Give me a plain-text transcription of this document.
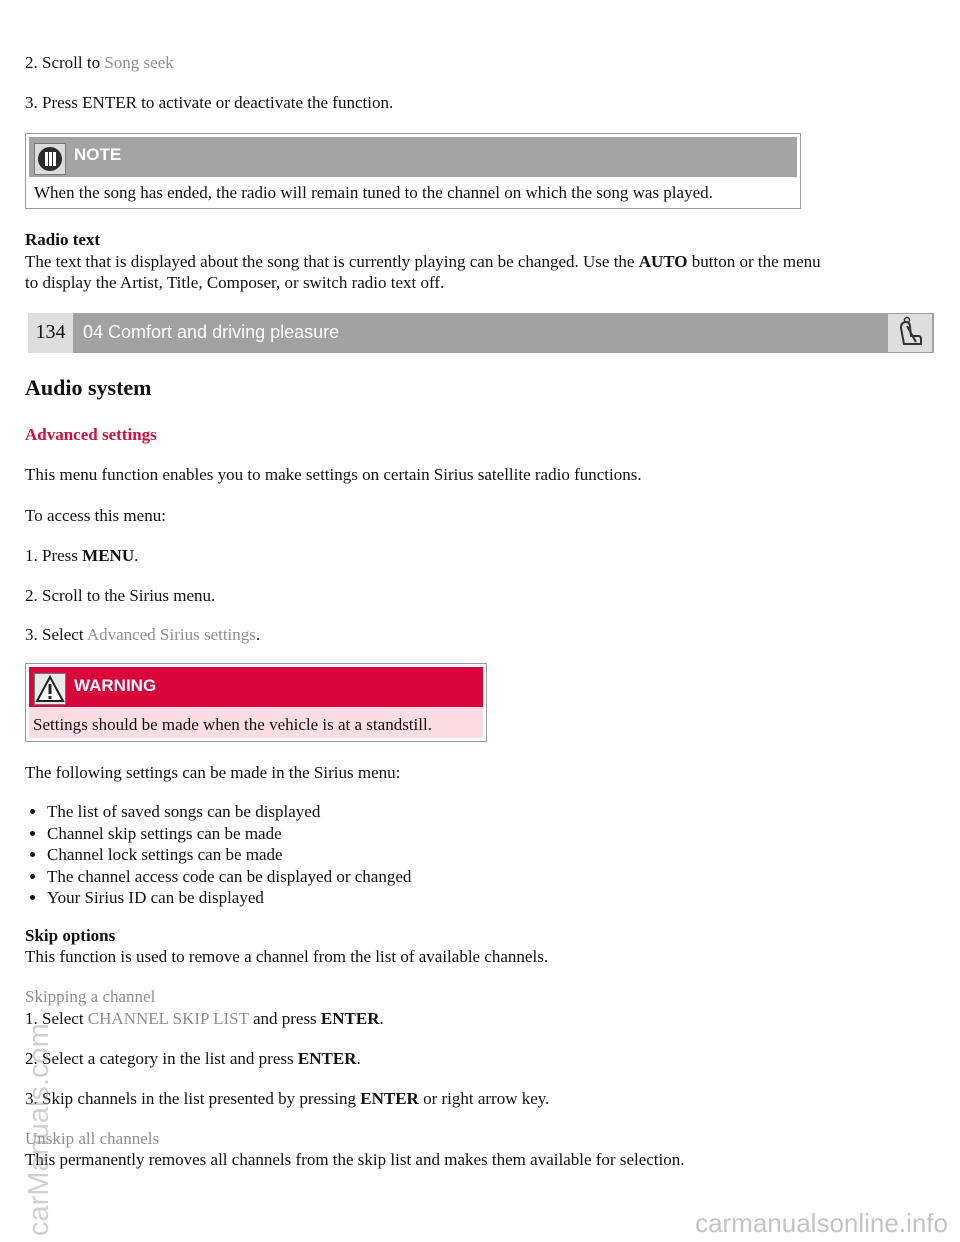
2. Scroll to Song seek
3. Press ENTER to activate or deactivate the function.
NOTE
When the song has ended, the radio will remain tuned to the channel on which the song was played.
Radio text
The text that is displayed about the song that is currently playing can be changed. Use the AUTO button or the menu
to display the Artist, Title, Composer, or switch radio text off.
134 04 Comfort and driving pleasure
Audio system
Advanced settings
This menu function enables you to make settings on certain Sirius satellite radio functions.
To access this menu:
1. Press MENU.
2. Scroll to the Sirius menu.
3. Select Advanced Sirius settings.
WARNING
Settings should be made when the vehicle is at a standstill.
The following settings can be made in the Sirius menu:
The list of saved songs can be displayed
Channel skip settings can be made
Channel lock settings can be made
The channel access code can be displayed or changed
Your Sirius ID can be displayed
Skip options
This function is used to remove a channel from the list of available channels.
Skipping a channel
1. Select CHANNEL SKIP LIST and press ENTER.
2. Select a category in the list and press ENTER.
3. Skip channels in the list presented by pressing ENTER or right arrow key.
Unskip all channels
This permanently removes all channels from the skip list and makes them available for selection.
carManuals.com	carmanualsonline.info
